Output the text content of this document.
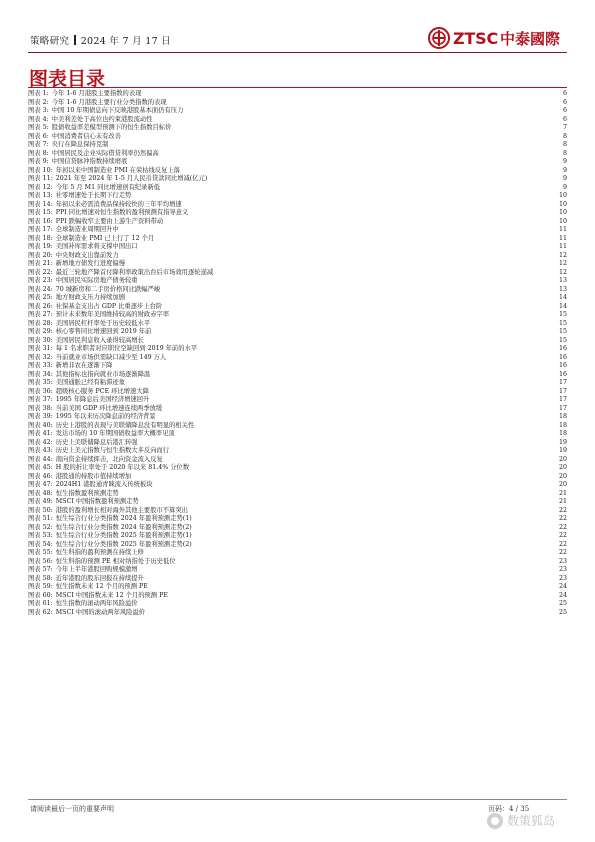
策略研究 2024 年 7 月 17 日	ZTSC 中泰國際
图表目录
图表 1: 今年 1-6 月港股主要指数的表现	6
图表 2: 今年 1-6 月港股主要行业分类指数的表现	6
图表 3: 中国 10 年期债息向下反映港股基本面仍有压力	6
图表 4: 中美利差处于高位也约束港股流动性	6
图表 5: 股债收益率差模型预测下的恒生指数目标价	7
图表 6: 中国消费者信心未有改善	8
图表 7: 央行在降息保持克制	8
图表 8: 中国居民及企业实际借贷利率仍然偏高	8
图表 9: 中国信贷脉冲指数持续磨底	9
图表 10: 年初以来中国制造业 PMI 在荣枯线反复上落	9
图表 11: 2021 年至 2024 年 1-5 月人民币贷款同比增减(亿元)	9
图表 12: 今年 5 月 M1 同比增速创有纪录新低	9
图表 13: 社零增速处于长期下行走势	10
图表 14: 年初以来必需消费品保持较快的三年平均增速	10
图表 15: PPI 同比增速对恒生指数的盈利预测有指导意义	10
图表 16: PPI 跌幅收窄主要由上游生产资料带动	10
图表 17: 全球制造业周期回升中	11
图表 18: 全球制造业 PMI 已上行了 12 个月	11
图表 19: 美国补库需求将支撑中国出口	11
图表 20: 中央财政支出靠前发力	12
图表 21: 新增地方债发行进度偏慢	12
图表 22: 最近三轮地产降首付降利率政策出台后市场效用逐轮递减	12
图表 23: 中国居民实际房地产债务较重	13
图表 24: 70 城新房和二手房价格同比跌幅严峻	13
图表 25: 地方财政支压力持续加剧	14
图表 26: 社保基金支出占 GDP 比重逐步上台阶	14
图表 27: 预计未来数年美国维持较高的财政赤字率	15
图表 28: 美国居民杠杆率处于历史较低水平	15
图表 29: 核心零售同比增速回到 2019 年前	15
图表 30: 美国居民利息收入录得较高增长	15
图表 31: 每 1 名求职者对应职位空缺回到 2019 年前的水平	16
图表 32: 当前就业市场供需缺口减少至 149 万人	16
图表 33: 新增非农在逐渐下降	16
图表 34: 其他指标也指向就业市场逐渐降温	16
图表 35: 美国通胀已经有粘滞迹象	17
图表 36: 超级核心服务 PCE 环比增速大降	17
图表 37: 1995 年降息后美国经济增速回升	17
图表 38: 当前美国 GDP 环比增速连续两季放缓	17
图表 39: 1995 年以来历次降息前的经济背景	18
图表 40: 历史上港股的表现与美联储降息没有明显的相关性	18
图表 41: 发达市场的 10 年期国债收益率大概率见顶	18
图表 42: 历史上美联储降息后港汇转强	19
图表 43: 历史上美元指数与恒生指数大多反向而行	19
图表 44: 南向资金持续挥击，北向资金流入反复	20
图表 45: H 股的折让率处于 2020 年以来 81.4% 分位数	20
图表 46: 港股通的持股市值持续增加	20
图表 47: 2024H1 港股通青睐流入传统板块	20
图表 48: 恒生指数盈利预测走势	21
图表 49: MSCI 中国指数盈利预测走势	21
图表 50: 港股的盈利增长相对海外其他主要股市不算突出	22
图表 51: 恒生综合行业分类指数 2024 年盈利预测走势(1)	22
图表 52: 恒生综合行业分类指数 2024 年盈利预测走势(2)	22
图表 53: 恒生综合行业分类指数 2025 年盈利预测走势(1)	22
图表 54: 恒生综合行业分类指数 2025 年盈利预测走势(2)	22
图表 55: 恒生科指的盈利预测在持续上修	22
图表 56: 恒生科指的预测 PE 相对纳指处于历史低位	23
图表 57: 今年上半年港股回购规模激增	23
图表 58: 近年港股的股东回报在持续提升	23
图表 59: 恒生指数未来 12 个月的预测 PE	24
图表 60: MSCI 中国指数未来 12 个月的预测 PE	24
图表 61: 恒生指数的滚动两年风险溢价	25
图表 62: MSCI 中国的滚动两年风险溢价	25
请阅读最后一页的重要声明	页码：4 / 35
数策狐岛
